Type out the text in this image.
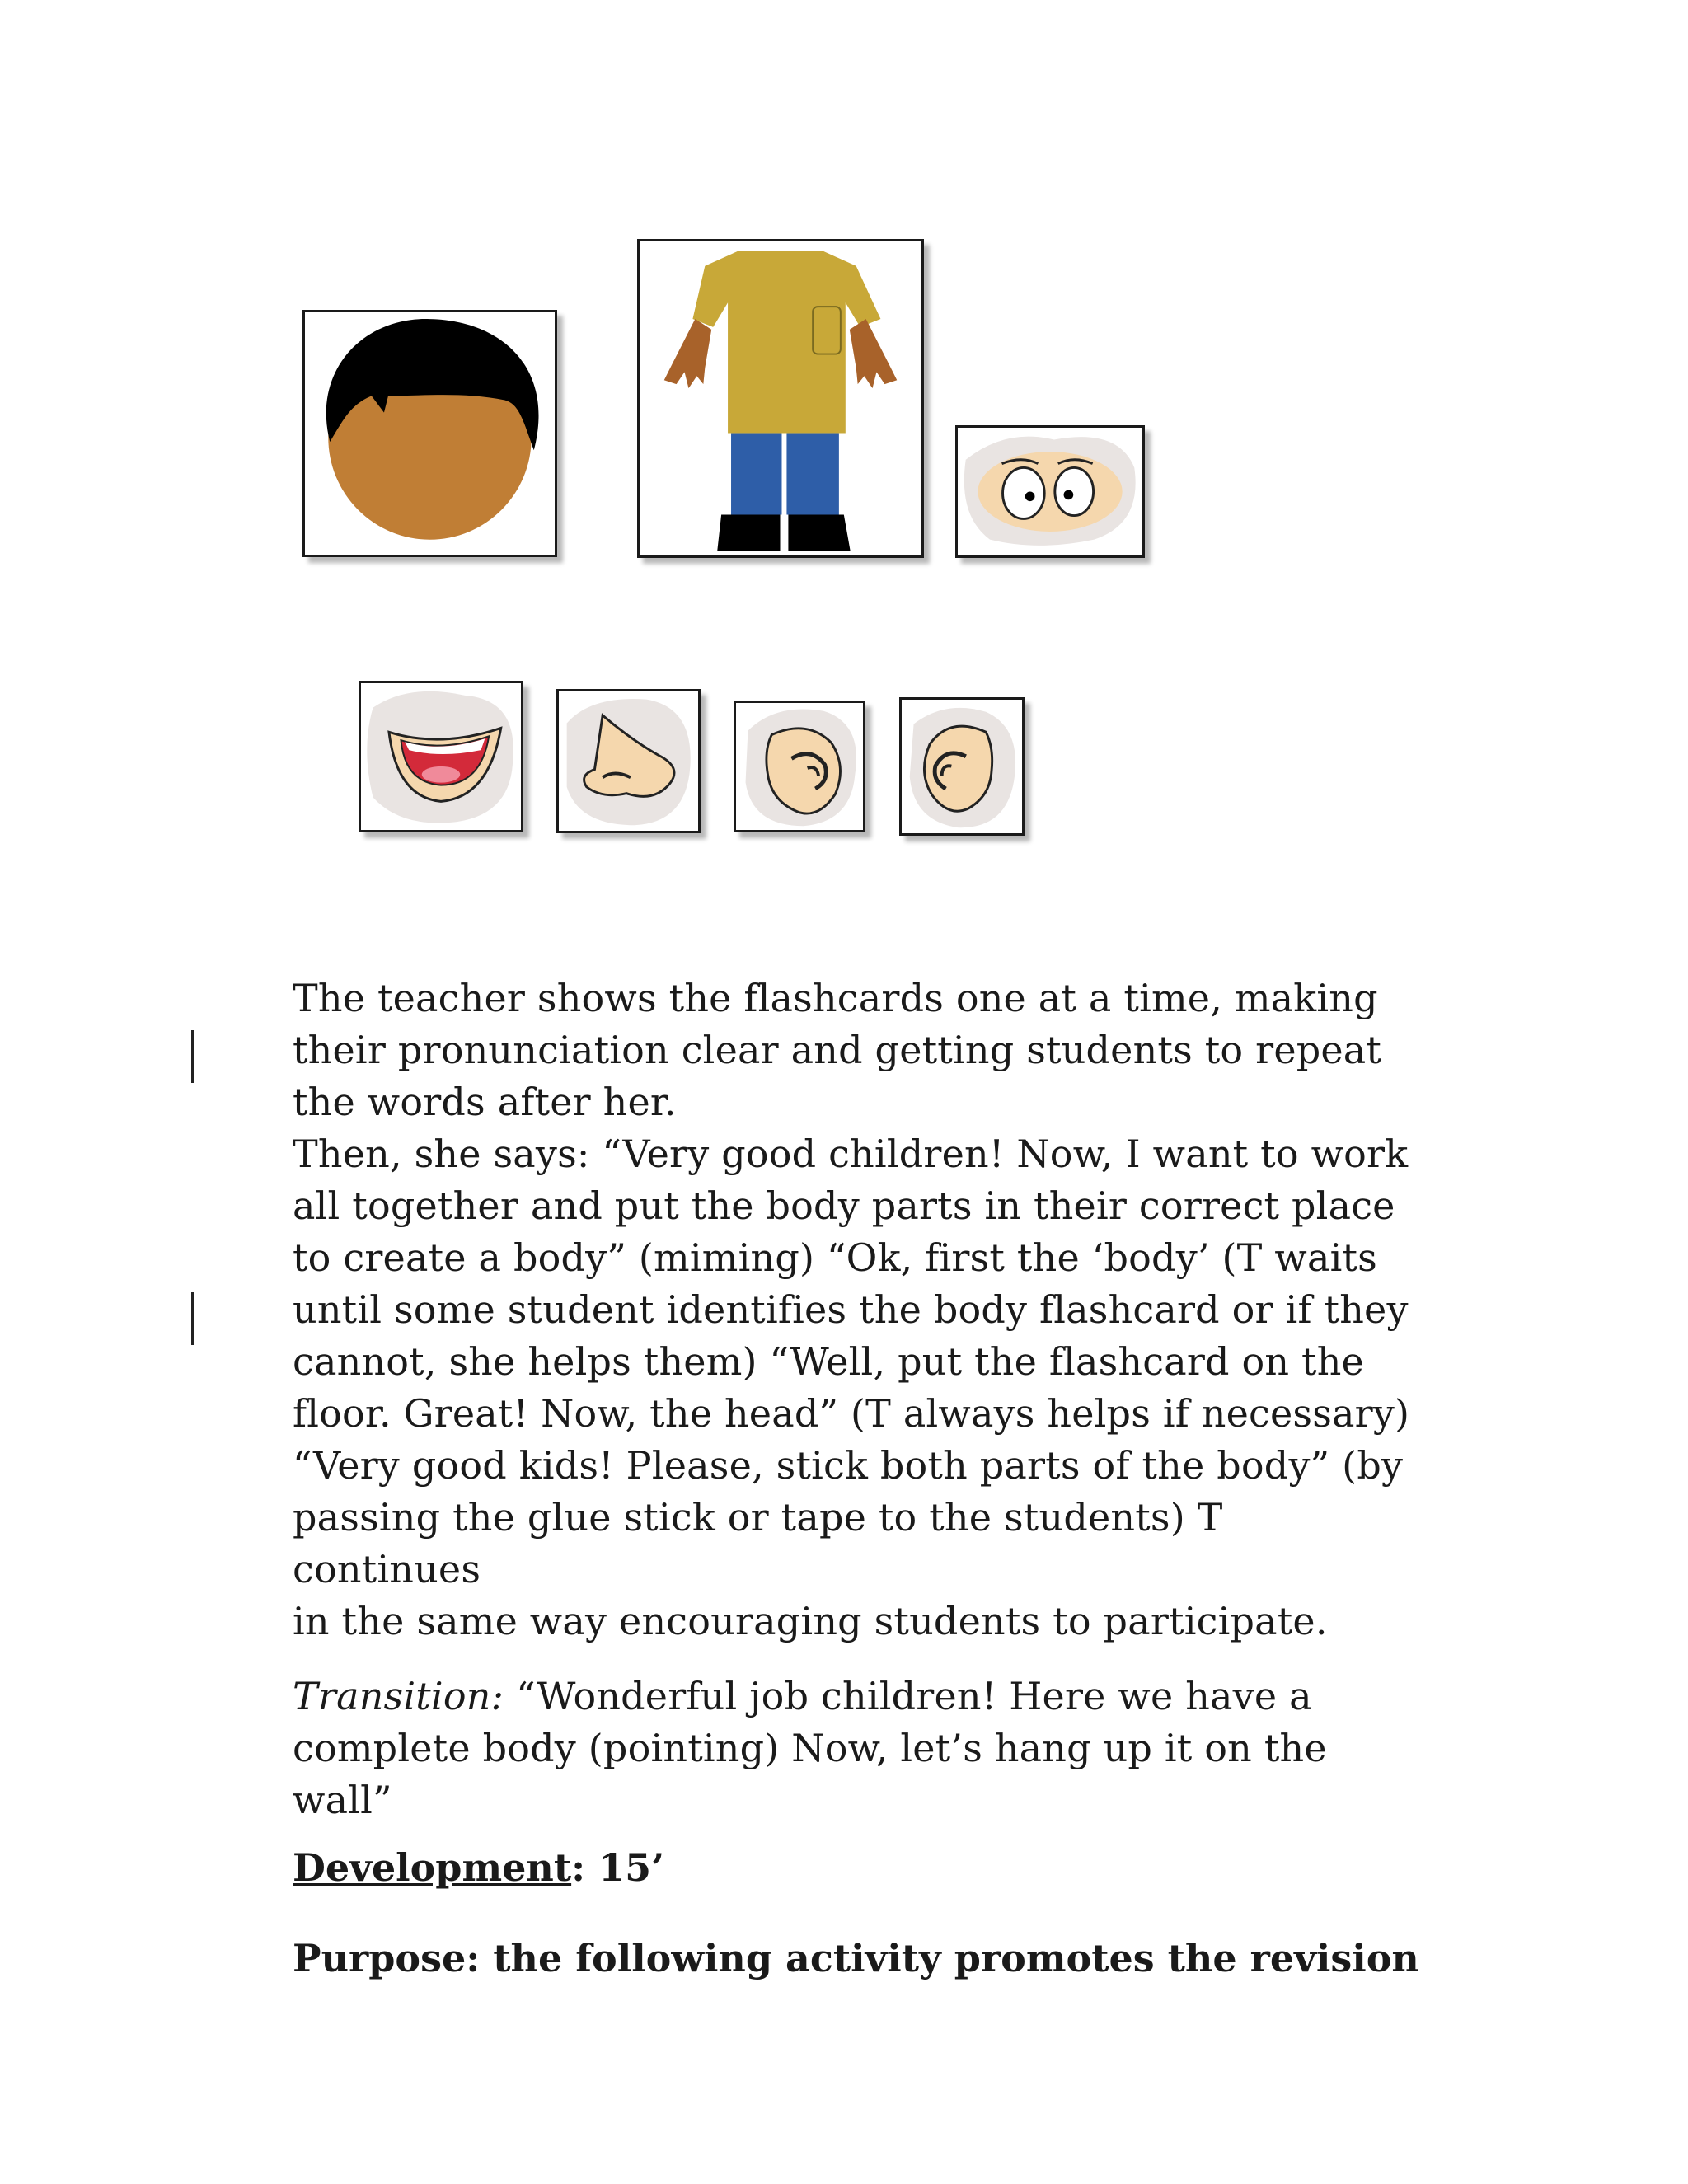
The teacher shows the flashcards one at a time, making

their pronunciation clear and getting students to repeat

the words after her.

Then, she says: “Very good children! Now, I want to work

all together and put the body parts in their correct place

to create a body” (miming) “Ok, first the ‘body’ (T waits

until some student identifies the body flashcard or if they

cannot, she helps them) “Well, put the flashcard on the

floor. Great! Now, the head” (T always helps if necessary)

“Very good kids! Please, stick both parts of the body” (by

passing the glue stick or tape to the students) T continues

in the same way encouraging students to participate.

Transition: “Wonderful job children! Here we have a

complete body (pointing) Now, let’s hang up it on the wall”

Development: 15’

Purpose: the following activity promotes the revision
